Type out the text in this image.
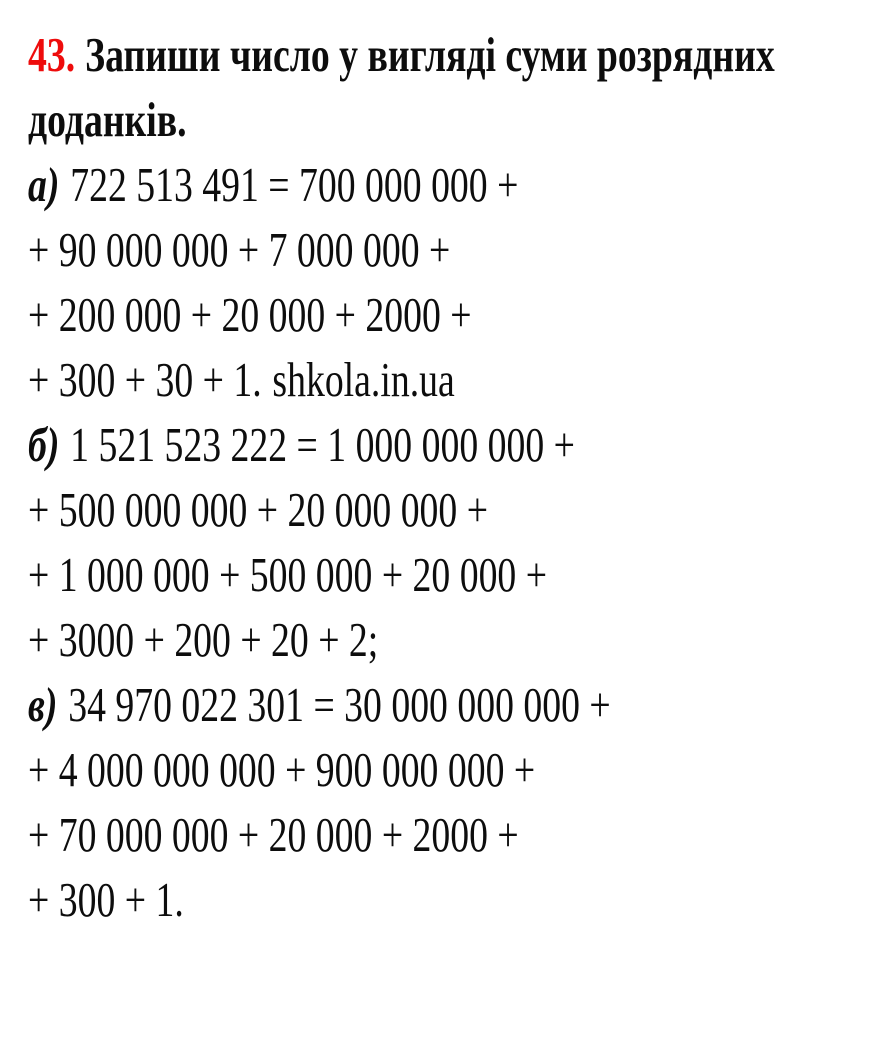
43. Запиши число у вигляді суми розрядних

доданків.

а) 722 513 491 = 700 000 000 +

+ 90 000 000 + 7 000 000 +

+ 200 000 + 20 000 + 2000 +

+ 300 + 30 + 1. shkola.in.ua

б) 1 521 523 222 = 1 000 000 000 +

+ 500 000 000 + 20 000 000 +

+ 1 000 000 + 500 000 + 20 000 +

+ 3000 + 200 + 20 + 2;

в) 34 970 022 301 = 30 000 000 000 +

+ 4 000 000 000 + 900 000 000 +

+ 70 000 000 + 20 000 + 2000 +

+ 300 + 1.
